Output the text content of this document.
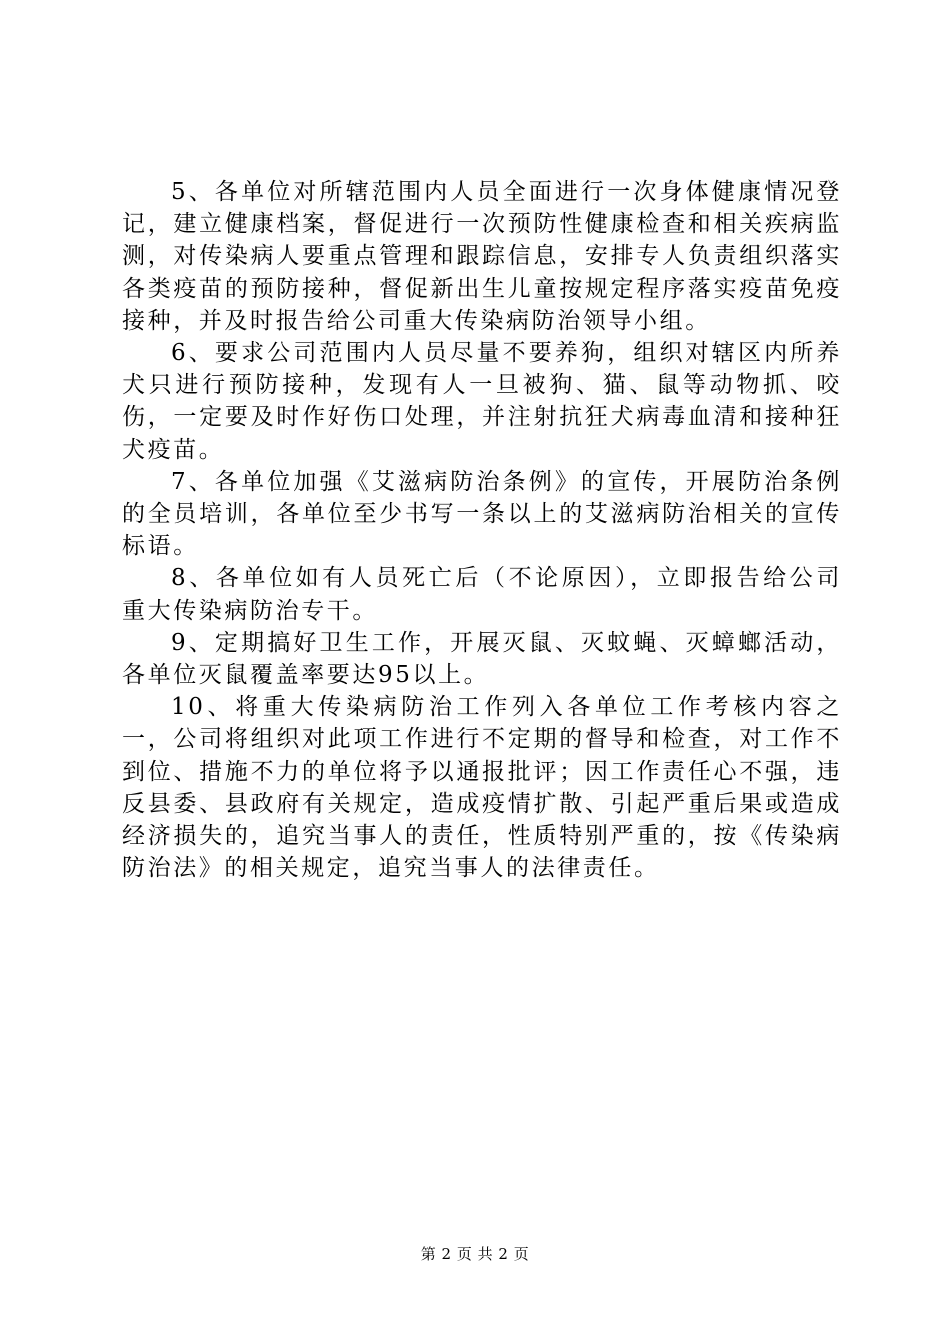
5、各单位对所辖范围内人员全面进行一次身体健康情况登记，建立健康档案，督促进行一次预防性健康检查和相关疾病监测，对传染病人要重点管理和跟踪信息，安排专人负责组织落实各类疫苗的预防接种，督促新出生儿童按规定程序落实疫苗免疫接种，并及时报告给公司重大传染病防治领导小组。

6、要求公司范围内人员尽量不要养狗，组织对辖区内所养犬只进行预防接种，发现有人一旦被狗、猫、鼠等动物抓、咬伤，一定要及时作好伤口处理，并注射抗狂犬病毒血清和接种狂犬疫苗。

7、各单位加强《艾滋病防治条例》的宣传，开展防治条例的全员培训，各单位至少书写一条以上的艾滋病防治相关的宣传标语。

8、各单位如有人员死亡后（不论原因），立即报告给公司重大传染病防治专干。

9、定期搞好卫生工作，开展灭鼠、灭蚊蝇、灭蟑螂活动，各单位灭鼠覆盖率要达95以上。

10、将重大传染病防治工作列入各单位工作考核内容之一，公司将组织对此项工作进行不定期的督导和检查，对工作不到位、措施不力的单位将予以通报批评；因工作责任心不强，违反县委、县政府有关规定，造成疫情扩散、引起严重后果或造成经济损失的，追究当事人的责任，性质特别严重的，按《传染病防治法》的相关规定，追究当事人的法律责任。

第 2 页 共 2 页
